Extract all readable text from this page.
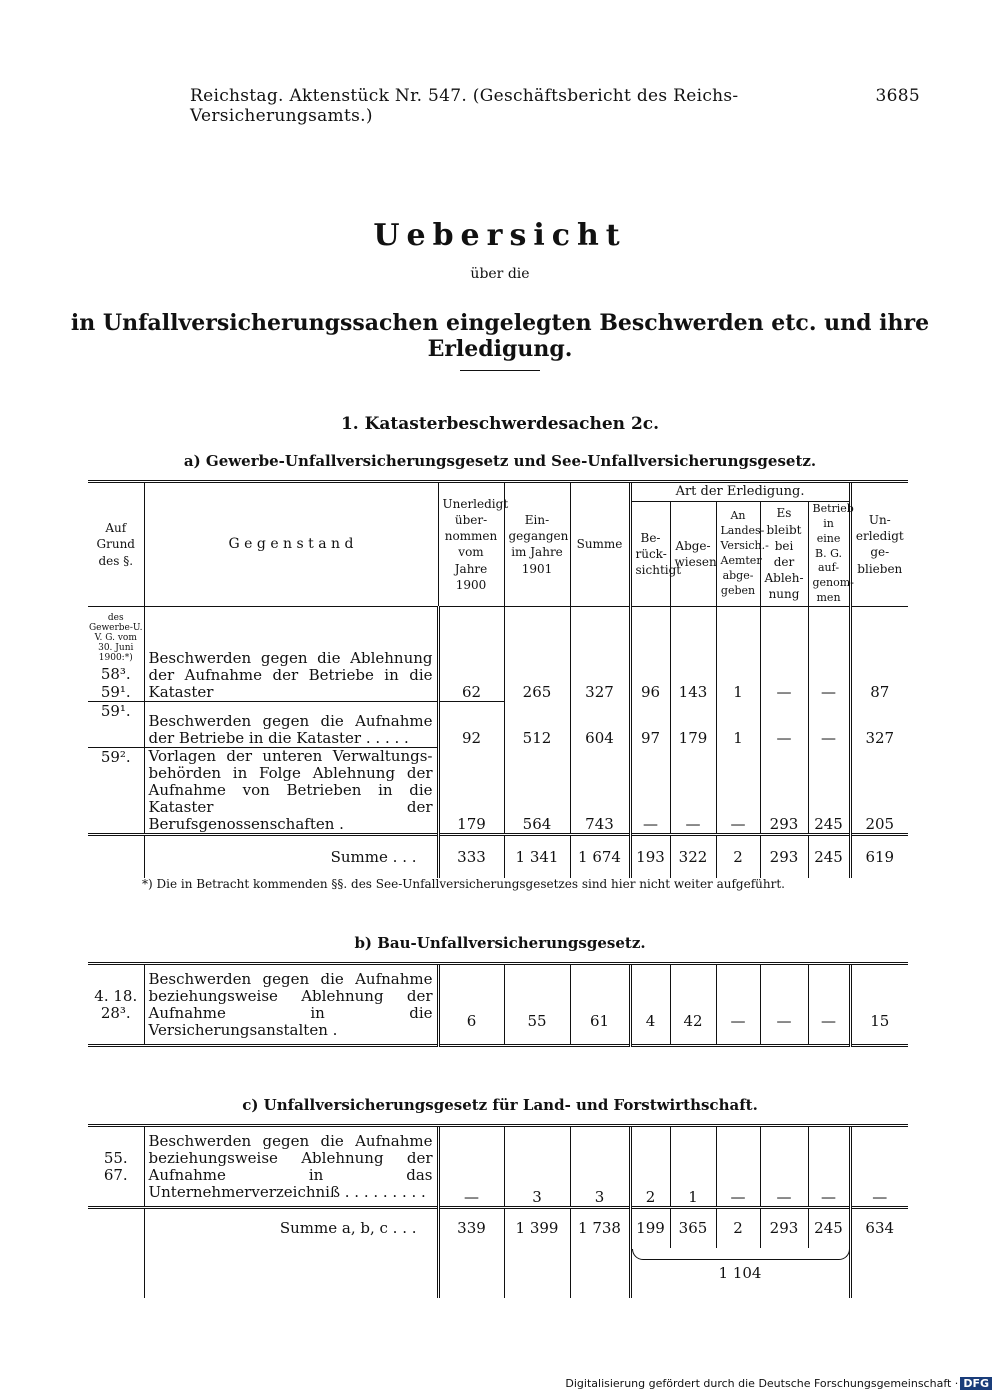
Reichstag. Aktenstück Nr. 547. (Geschäftsbericht des Reichs-Versicherungsamts.)
3685
Uebersicht
über die
in Unfallversicherungssachen eingelegten Beschwerden etc. und ihre Erledigung.
1. Katasterbeschwerdesachen 2c.
a) Gewerbe-Unfallversicherungsgesetz und See-Unfallversicherungsgesetz.
Auf Grund des §.	G e g e n s t a n d	Unerledigt über-nommen vom Jahre 1900	Ein-gegangen im Jahre 1901	Summe	Art der Erledigung.					Un-erledigt ge-blieben
					Be-rück-sichtigt	Abge-wiesen	An Landes-Versich.-Aemter abge-geben	Es bleibt bei der Ableh-nung	Betrieb in eine B. G. auf-genom-men	

des Gewerbe-U. V. G. vom 30. Juni 1900:*)
58³. 59¹.	Beschwerden gegen die Ablehnung der Aufnahme der Betriebe in die Kataster	62	265	327	96	143	1	—	—	87
59¹.	Beschwerden gegen die Aufnahme der Betriebe in die Kataster . . . . .	92	512	604	97	179	1	—	—	327
59².	Vorlagen der unteren Verwaltungs-behörden in Folge Ablehnung der Aufnahme von Betrieben in die Kataster der Berufsgenossenschaften .	179	564	743	—	—	—	293	245	205
	Summe . . .	333	1 341	1 674	193	322	2	293	245	619
*) Die in Betracht kommenden §§. des See-Unfallversicherungsgesetzes sind hier nicht weiter aufgeführt.
b) Bau-Unfallversicherungsgesetz.
4. 18. 28³.	Beschwerden gegen die Aufnahme beziehungsweise Ablehnung der Aufnahme in die Versicherungsanstalten .	6	55	61	4	42	—	—	—	15

c) Unfallversicherungsgesetz für Land- und Forstwirthschaft.
55. 67.	Beschwerden gegen die Aufnahme beziehungsweise Ablehnung der Aufnahme in das Unternehmerverzeichniß . . . . . . . . .	—	3	3	2	1	—	—	—	—
	Summe a, b, c . . .	339	1 399	1 738	199	365	2	293	245	634

1 104
Digitalisierung gefördert durch die Deutsche Forschungsgemeinschaft · DFG
